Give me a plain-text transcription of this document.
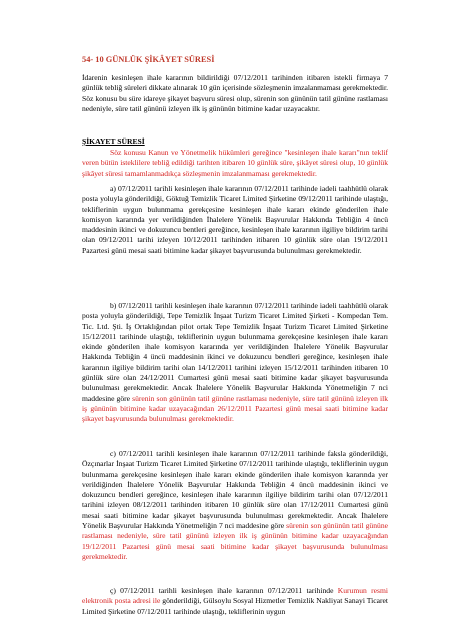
54- 10 GÜNLÜK ŞİKÂYET SÜRESİ

İdarenin kesinleşen ihale kararının bildirildiği 07/12/2011 tarihinden itibaren istekli firmaya 7 günlük tebliğ süreleri dikkate alınarak 10 gün içerisinde sözleşmenin imzalanmaması gerekmektedir. Söz konusu bu süre idareye şikayet başvuru süresi olup, sürenin son gününün tatil gününe rastlaması nedeniyle, süre tatil gününü izleyen ilk iş gününün bitimine kadar uzayacaktır.

ŞİKAYET SÜRESİ

Söz konusu Kanun ve Yönetmelik hükümleri gereğince "kesinleşen ihale kararı"nın teklif veren bütün isteklilere tebliğ edildiği tarihten itibaren 10 günlük süre, şikâyet süresi olup, 10 günlük şikâyet süresi tamamlanmadıkça sözleşmenin imzalanmaması gerekmektedir.

a) 07/12/2011 tarihli kesinleşen ihale kararının 07/12/2011 tarihinde iadeli taahhütlü olarak posta yoluyla gönderildiği, Göktuğ Temizlik Ticaret Limited Şirketine 09/12/2011 tarihinde ulaştığı, tekliflerinin uygun bulunmama gerekçesine kesinleşen ihale kararı ekinde gönderilen ihale komisyon kararında yer verildiğinden İhalelere Yönelik Başvurular Hakkında Tebliğin 4 üncü maddesinin ikinci ve dokuzuncu bentleri gereğince, kesinleşen ihale kararının ilgiliye bildirim tarihi olan 09/12/2011 tarihi izleyen 10/12/2011 tarihinden itibaren 10 günlük süre olan 19/12/2011 Pazartesi günü mesai saati bitimine kadar şikayet başvurusunda bulunulması gerekmektedir.

b) 07/12/2011 tarihli kesinleşen ihale kararının 07/12/2011 tarihinde iadeli taahhütlü olarak posta yoluyla gönderildiği, Tepe Temizlik İnşaat Turizm Ticaret Limited Şirketi - Kompedan Tem. Tic. Ltd. Şti. İş Ortaklığından pilot ortak Tepe Temizlik İnşaat Turizm Ticaret Limited Şirketine 15/12/2011 tarihinde ulaştığı, tekliflerinin uygun bulunmama gerekçesine kesinleşen ihale kararı ekinde gönderilen ihale komisyon kararında yer verildiğinden İhalelere Yönelik Başvurular Hakkında Tebliğin 4 üncü maddesinin ikinci ve dokuzuncu bendleri gereğince, kesinleşen ihale kararının ilgiliye bildirim tarihi olan 14/12/2011 tarihini izleyen 15/12/2011 tarihinden itibaren 10 günlük süre olan 24/12/2011 Cumartesi günü mesai saati bitimine kadar şikayet başvurusunda bulunulması gerekmektedir. Ancak İhalelere Yönelik Başvurular Hakkında Yönetmeliğin 7 nci maddesine göre sürenin son gününün tatil gününe rastlaması nedeniyle, süre tatil gününü izleyen ilk iş gününün bitimine kadar uzayacağından 26/12/2011 Pazartesi günü mesai saati bitimine kadar şikayet başvurusunda bulunulması gerekmektedir.

c) 07/12/2011 tarihli kesinleşen ihale kararının 07/12/2011 tarihinde faksla gönderildiği, Özçınarlar İnşaat Turizm Ticaret Limited Şirketine 07/12/2011 tarihinde ulaştığı, tekliflerinin uygun bulunmama gerekçesine kesinleşen ihale kararı ekinde gönderilen ihale komisyon kararında yer verildiğinden İhalelere Yönelik Başvurular Hakkında Tebliğin 4 üncü maddesinin ikinci ve dokuzuncu bendleri gereğince, kesinleşen ihale kararının ilgiliye bildirim tarihi olan 07/12/2011 tarihini izleyen 08/12/2011 tarihinden itibaren 10 günlük süre olan 17/12/2011 Cumartesi günü mesai saati bitimine kadar şikayet başvurusunda bulunulması gerekmektedir. Ancak İhalelere Yönelik Başvurular Hakkında Yönetmeliğin 7 nci maddesine göre sürenin son gününün tatil gününe rastlaması nedeniyle, süre tatil gününü izleyen ilk iş gününün bitimine kadar uzayacağından 19/12/2011 Pazartesi günü mesai saati bitimine kadar şikayet başvurusunda bulunulması gerekmektedir.

ç) 07/12/2011 tarihli kesinleşen ihale kararının 07/12/2011 tarihinde Kurumun resmi elektronik posta adresi ile gönderildiği, Gülsoylu Sosyal Hizmetler Temizlik Nakliyat Sanayi Ticaret Limited Şirketine 07/12/2011 tarihinde ulaştığı, tekliflerinin uygun
